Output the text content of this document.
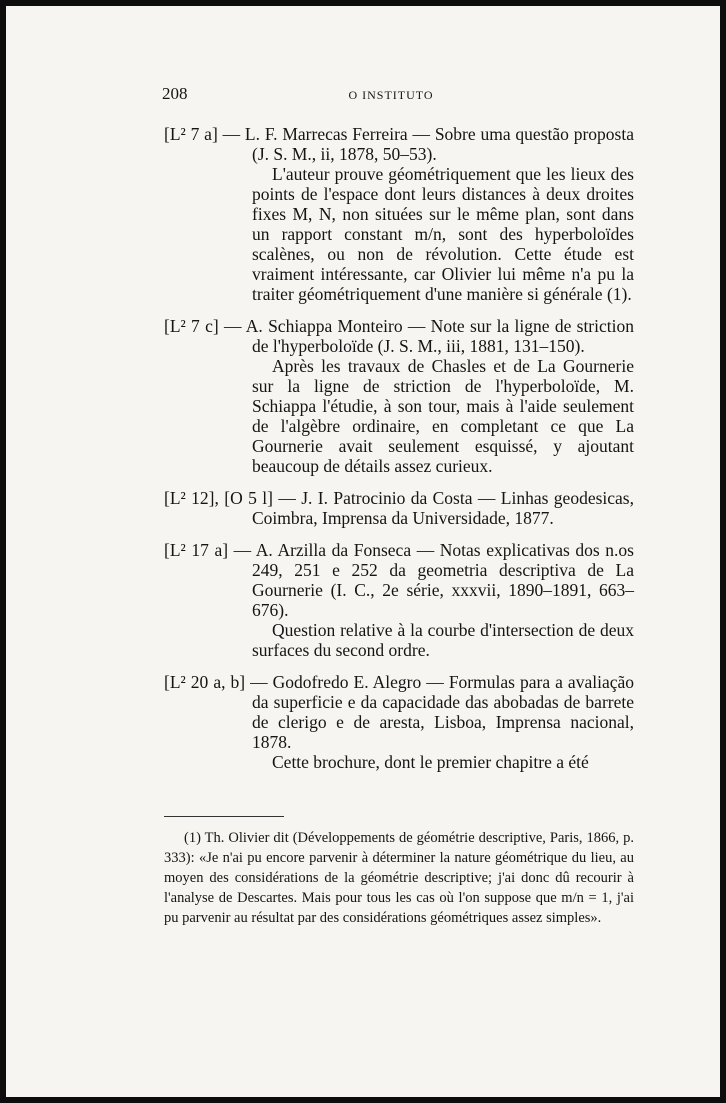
208	O INSTITUTO
[L² 7 a] — L. F. Marrecas Ferreira — Sobre uma questão proposta (J. S. M., ii, 1878, 50–53).

L'auteur prouve géométriquement que les lieux des points de l'espace dont leurs distances à deux droites fixes M, N, non situées sur le même plan, sont dans un rapport constant m/n, sont des hyperboloïdes scalènes, ou non de révolution. Cette étude est vraiment intéressante, car Olivier lui même n'a pu la traiter géométriquement d'une manière si générale (1).

[L² 7 c] — A. Schiappa Monteiro — Note sur la ligne de striction de l'hyperboloïde (J. S. M., iii, 1881, 131–150).

Après les travaux de Chasles et de La Gournerie sur la ligne de striction de l'hyperboloïde, M. Schiappa l'étudie, à son tour, mais à l'aide seulement de l'algèbre ordinaire, en completant ce que La Gournerie avait seulement esquissé, y ajoutant beaucoup de détails assez curieux.

[L² 12], [O 5 l] — J. I. Patrocinio da Costa — Linhas geodesicas, Coimbra, Imprensa da Universidade, 1877.
[L² 17 a] — A. Arzilla da Fonseca — Notas explicativas dos n.os 249, 251 e 252 da geometria descriptiva de La Gournerie (I. C., 2e série, xxxvii, 1890–1891, 663–676).

Question relative à la courbe d'intersection de deux surfaces du second ordre.

[L² 20 a, b] — Godofredo E. Alegro — Formulas para a avaliação da superficie e da capacidade das abobadas de barrete de clerigo e de aresta, Lisboa, Imprensa nacional, 1878.

Cette brochure, dont le premier chapitre a été

(1) Th. Olivier dit (Développements de géométrie descriptive, Paris, 1866, p. 333): «Je n'ai pu encore parvenir à déterminer la nature géométrique du lieu, au moyen des considérations de la géométrie descriptive; j'ai donc dû recourir à l'analyse de Descartes. Mais pour tous les cas où l'on suppose que m/n = 1, j'ai pu parvenir au résultat par des considérations géométriques assez simples».
